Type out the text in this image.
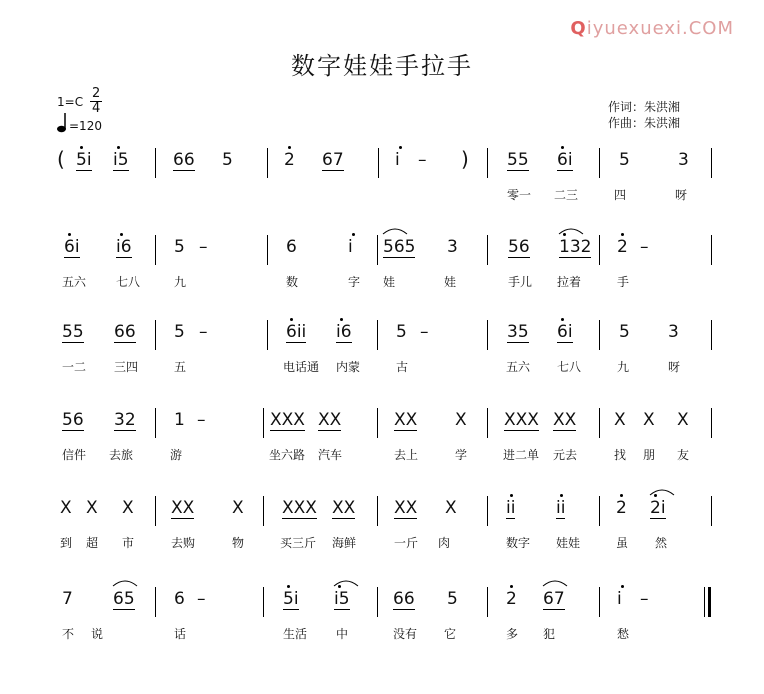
Qiyuexuexi.COM
数字娃娃手拉手
1=C
2
4
=120
作词：朱洪湘
作曲：朱洪湘
( 5i i5	66 5	2 67	i – ) 55 6i	5	3
零一 二三	四	呀
6i i6 5 –	6	i 565 3	56 132 2 –
五六 七八	九	数	字 娃	娃	手儿 拉着	手
55 66 5 –	6ii i6	5 –	35 6i	5 3
一二 三四	五	电话通 内蒙	古	五六 七八	九	呀
56 32 1 –	XXX XX	XX X XXX XX X X X
信件 去旅	游	坐六路 汽车	去上	学	进二单 元去	找 朋 友
X X X XX X XXX XX XX X	ii ii	2 2i
到 超 市	去购	物	买三斤 海鲜	一斤 肉	数字 娃娃	虽 然
7 65 6 –	5i i5	66 5	2 67	i –
不 说	话	生活 中	没有 它	多 犯	愁
